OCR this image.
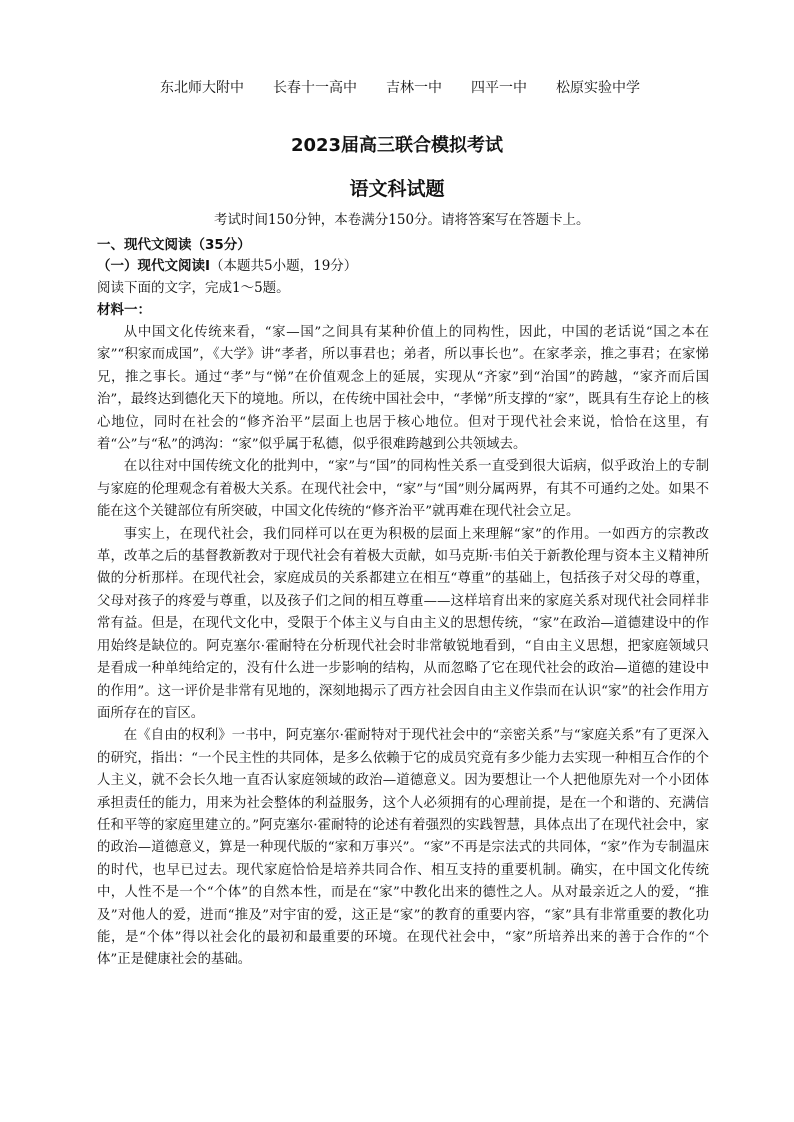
东北师大附中 长春十一高中 吉林一中 四平一中 松原实验中学
2023届高三联合模拟考试
语文科试题
考试时间150分钟，本卷满分150分。请将答案写在答题卡上。
一、现代文阅读（35分）
（一）现代文阅读Ⅰ（本题共5小题，19分）
阅读下面的文字，完成1～5题。
材料一：

从中国文化传统来看，“家—国”之间具有某种价值上的同构性，因此，中国的老话说“国之本在家”“积家而成国”，《大学》讲“孝者，所以事君也；弟者，所以事长也”。在家孝亲，推之事君；在家悌兄，推之事长。通过“孝”与“悌”在价值观念上的延展，实现从“齐家”到“治国”的跨越，“家齐而后国治”，最终达到德化天下的境地。所以，在传统中国社会中，“孝悌”所支撑的“家”，既具有生存论上的核心地位，同时在社会的“修齐治平”层面上也居于核心地位。但对于现代社会来说，恰恰在这里，有着“公”与“私”的鸿沟：“家”似乎属于私德，似乎很难跨越到公共领域去。

在以往对中国传统文化的批判中，“家”与“国”的同构性关系一直受到很大诟病，似乎政治上的专制与家庭的伦理观念有着极大关系。在现代社会中，“家”与“国”则分属两界，有其不可通约之处。如果不能在这个关键部位有所突破，中国文化传统的“修齐治平”就再难在现代社会立足。

事实上，在现代社会，我们同样可以在更为积极的层面上来理解“家”的作用。一如西方的宗教改革，改革之后的基督教新教对于现代社会有着极大贡献，如马克斯·韦伯关于新教伦理与资本主义精神所做的分析那样。在现代社会，家庭成员的关系都建立在相互“尊重”的基础上，包括孩子对父母的尊重，父母对孩子的疼爱与尊重，以及孩子们之间的相互尊重——这样培育出来的家庭关系对现代社会同样非常有益。但是，在现代文化中，受限于个体主义与自由主义的思想传统，“家”在政治—道德建设中的作用始终是缺位的。阿克塞尔·霍耐特在分析现代社会时非常敏锐地看到，“自由主义思想，把家庭领域只是看成一种单纯给定的，没有什么进一步影响的结构，从而忽略了它在现代社会的政治—道德的建设中的作用”。这一评价是非常有见地的，深刻地揭示了西方社会因自由主义作祟而在认识“家”的社会作用方面所存在的盲区。

在《自由的权利》一书中，阿克塞尔·霍耐特对于现代社会中的“亲密关系”与“家庭关系”有了更深入的研究，指出：“一个民主性的共同体，是多么依赖于它的成员究竟有多少能力去实现一种相互合作的个人主义，就不会长久地一直否认家庭领域的政治—道德意义。因为要想让一个人把他原先对一个小团体承担责任的能力，用来为社会整体的利益服务，这个人必须拥有的心理前提，是在一个和谐的、充满信任和平等的家庭里建立的。”阿克塞尔·霍耐特的论述有着强烈的实践智慧，具体点出了在现代社会中，家的政治—道德意义，算是一种现代版的“家和万事兴”。“家”不再是宗法式的共同体，“家”作为专制温床的时代，也早已过去。现代家庭恰恰是培养共同合作、相互支持的重要机制。确实，在中国文化传统中，人性不是一个“个体”的自然本性，而是在“家”中教化出来的德性之人。从对最亲近之人的爱，“推及”对他人的爱，进而“推及”对宇宙的爱，这正是“家”的教育的重要内容，“家”具有非常重要的教化功能，是“个体”得以社会化的最初和最重要的环境。在现代社会中，“家”所培养出来的善于合作的“个体”正是健康社会的基础。
